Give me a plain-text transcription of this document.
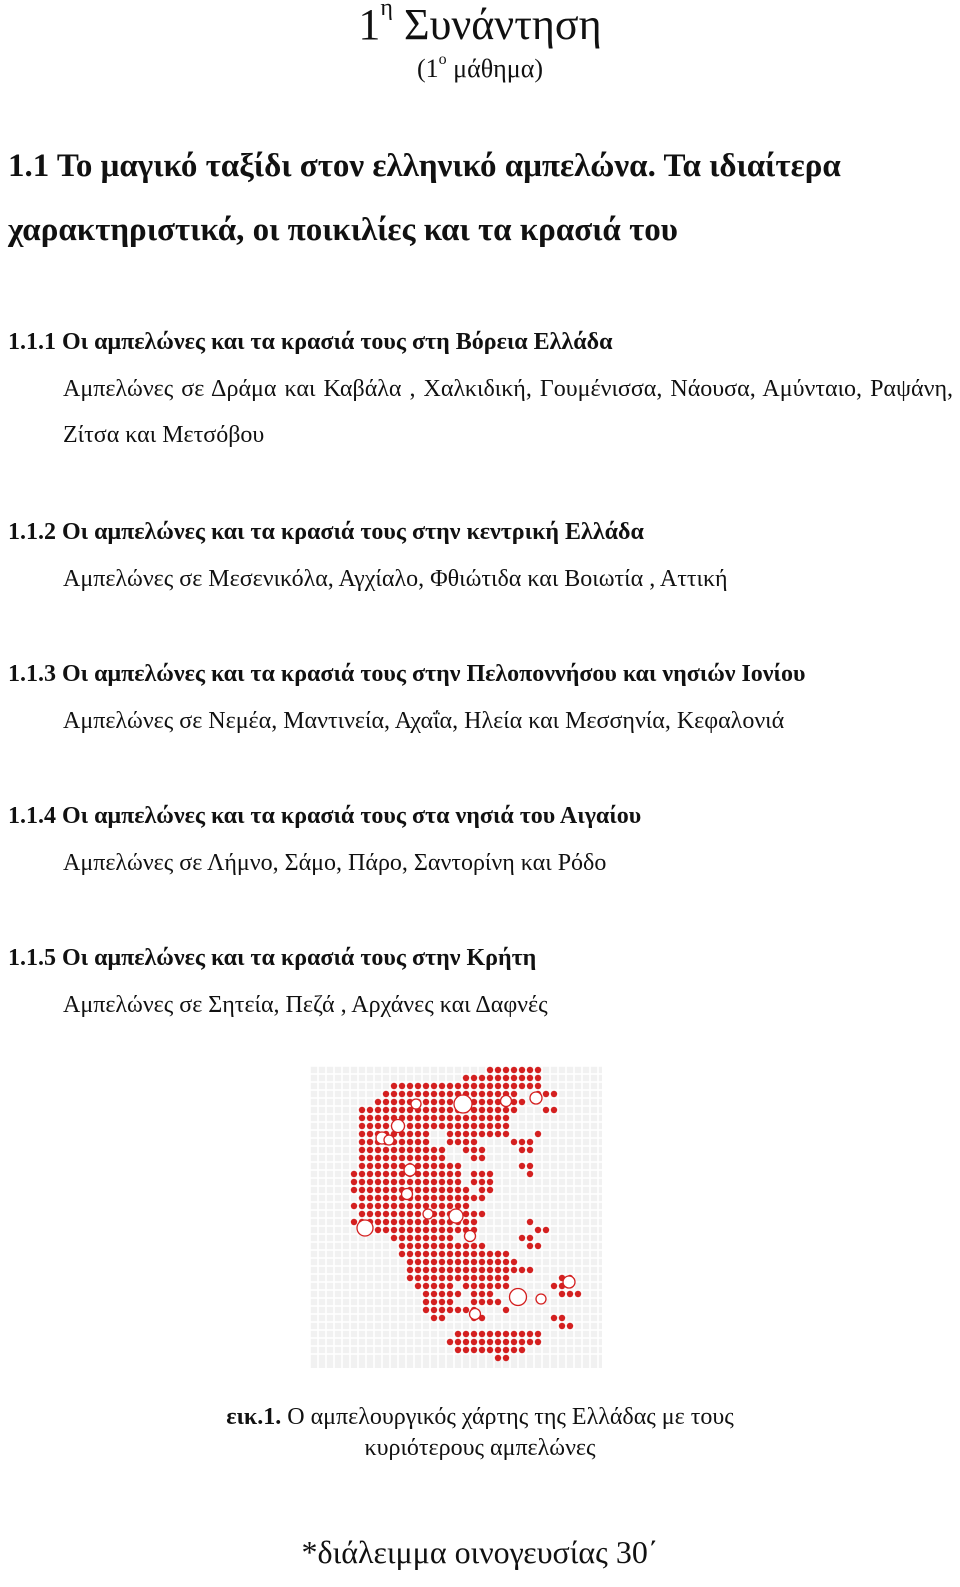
$1^\eta$ Συνάντηση
($1^o$ μάθημα)
1.1 Το μαγικό ταξίδι στον ελληνικό αμπελώνα. Τα ιδιαίτερα χαρακτηριστικά, οι ποικιλίες και τα κρασιά του
1.1.1 Οι αμπελώνες και τα κρασιά τους στη Βόρεια Ελλάδα
Αμπελώνες σε Δράμα και Καβάλα , Χαλκιδική, Γουμένισσα, Νάουσα, Αμύνταιο, Ραψάνη, Ζίτσα και Μετσόβου
1.1.2 Οι αμπελώνες και τα κρασιά τους στην κεντρική Ελλάδα
Αμπελώνες σε Μεσενικόλα, Αγχίαλο, Φθιώτιδα και Βοιωτία , Αττική
1.1.3 Οι αμπελώνες και τα κρασιά τους στην Πελοποννήσου και νησιών Ιονίου
Αμπελώνες σε Νεμέα, Μαντινεία, Αχαΐα, Ηλεία και Μεσσηνία, Κεφαλονιά
1.1.4 Οι αμπελώνες και τα κρασιά τους στα νησιά του Αιγαίου
Αμπελώνες σε Λήμνο, Σάμο, Πάρο, Σαντορίνη και Ρόδο
1.1.5 Οι αμπελώνες και τα κρασιά τους στην Κρήτη
Αμπελώνες σε Σητεία, Πεζά , Αρχάνες και Δαφνές
εικ.1. Ο αμπελουργικός χάρτης της Ελλάδας με τους
κυριότερους αμπελώνες
*διάλειμμα οινογευσίας 30΄
